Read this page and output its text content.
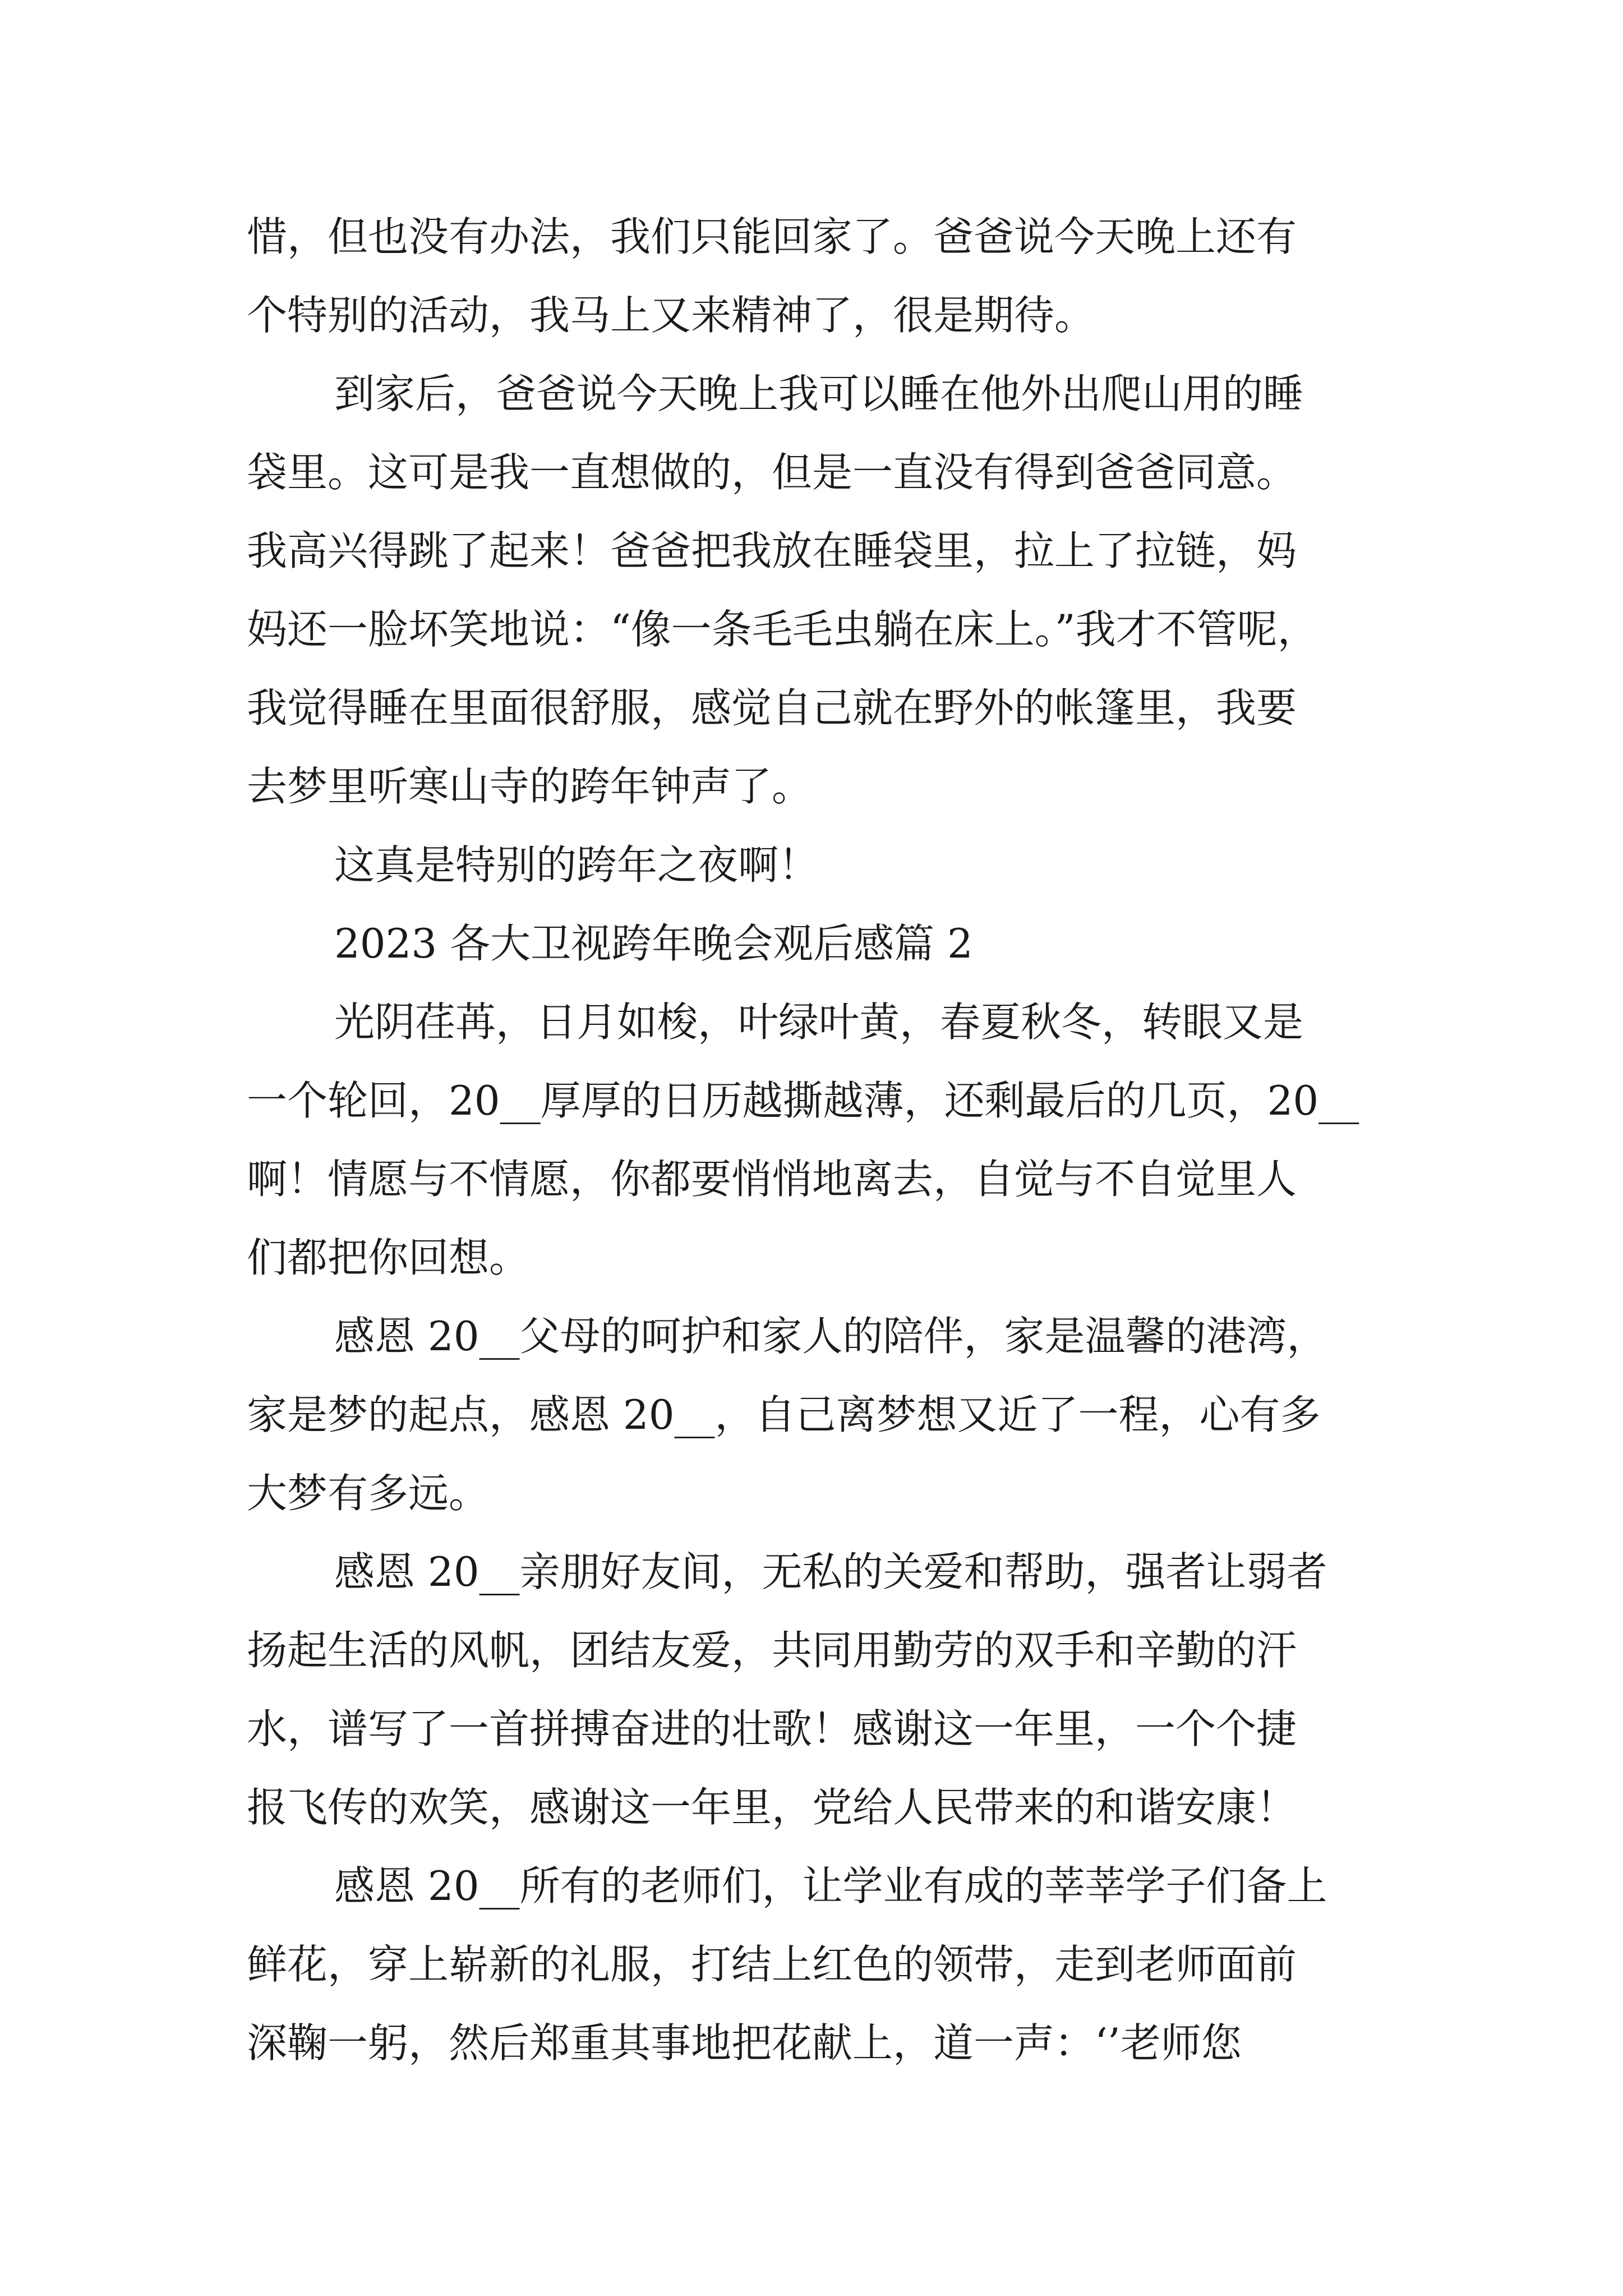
惜，但也没有办法，我们只能回家了。爸爸说今天晚上还有
个特别的活动，我马上又来精神了，很是期待。
到家后，爸爸说今天晚上我可以睡在他外出爬山用的睡
袋里。这可是我一直想做的，但是一直没有得到爸爸同意。
我高兴得跳了起来！爸爸把我放在睡袋里，拉上了拉链，妈
妈还一脸坏笑地说：“像一条毛毛虫躺在床上。”我才不管呢，
我觉得睡在里面很舒服，感觉自己就在野外的帐篷里，我要
去梦里听寒山寺的跨年钟声了。
这真是特别的跨年之夜啊！
2023 各大卫视跨年晚会观后感篇 2
光阴荏苒，日月如梭，叶绿叶黄，春夏秋冬，转眼又是
一个轮回，20__厚厚的日历越撕越薄，还剩最后的几页，20__
啊！情愿与不情愿，你都要悄悄地离去，自觉与不自觉里人
们都把你回想。
感恩 20__父母的呵护和家人的陪伴，家是温馨的港湾，
家是梦的起点，感恩 20__，自己离梦想又近了一程，心有多
大梦有多远。
感恩 20__亲朋好友间，无私的关爱和帮助，强者让弱者
扬起生活的风帆，团结友爱，共同用勤劳的双手和辛勤的汗
水，谱写了一首拼搏奋进的壮歌！感谢这一年里，一个个捷
报飞传的欢笑，感谢这一年里，党给人民带来的和谐安康！
感恩 20__所有的老师们，让学业有成的莘莘学子们备上
鲜花，穿上崭新的礼服，打结上红色的领带，走到老师面前
深鞠一躬，然后郑重其事地把花献上，道一声：‘’老师您
